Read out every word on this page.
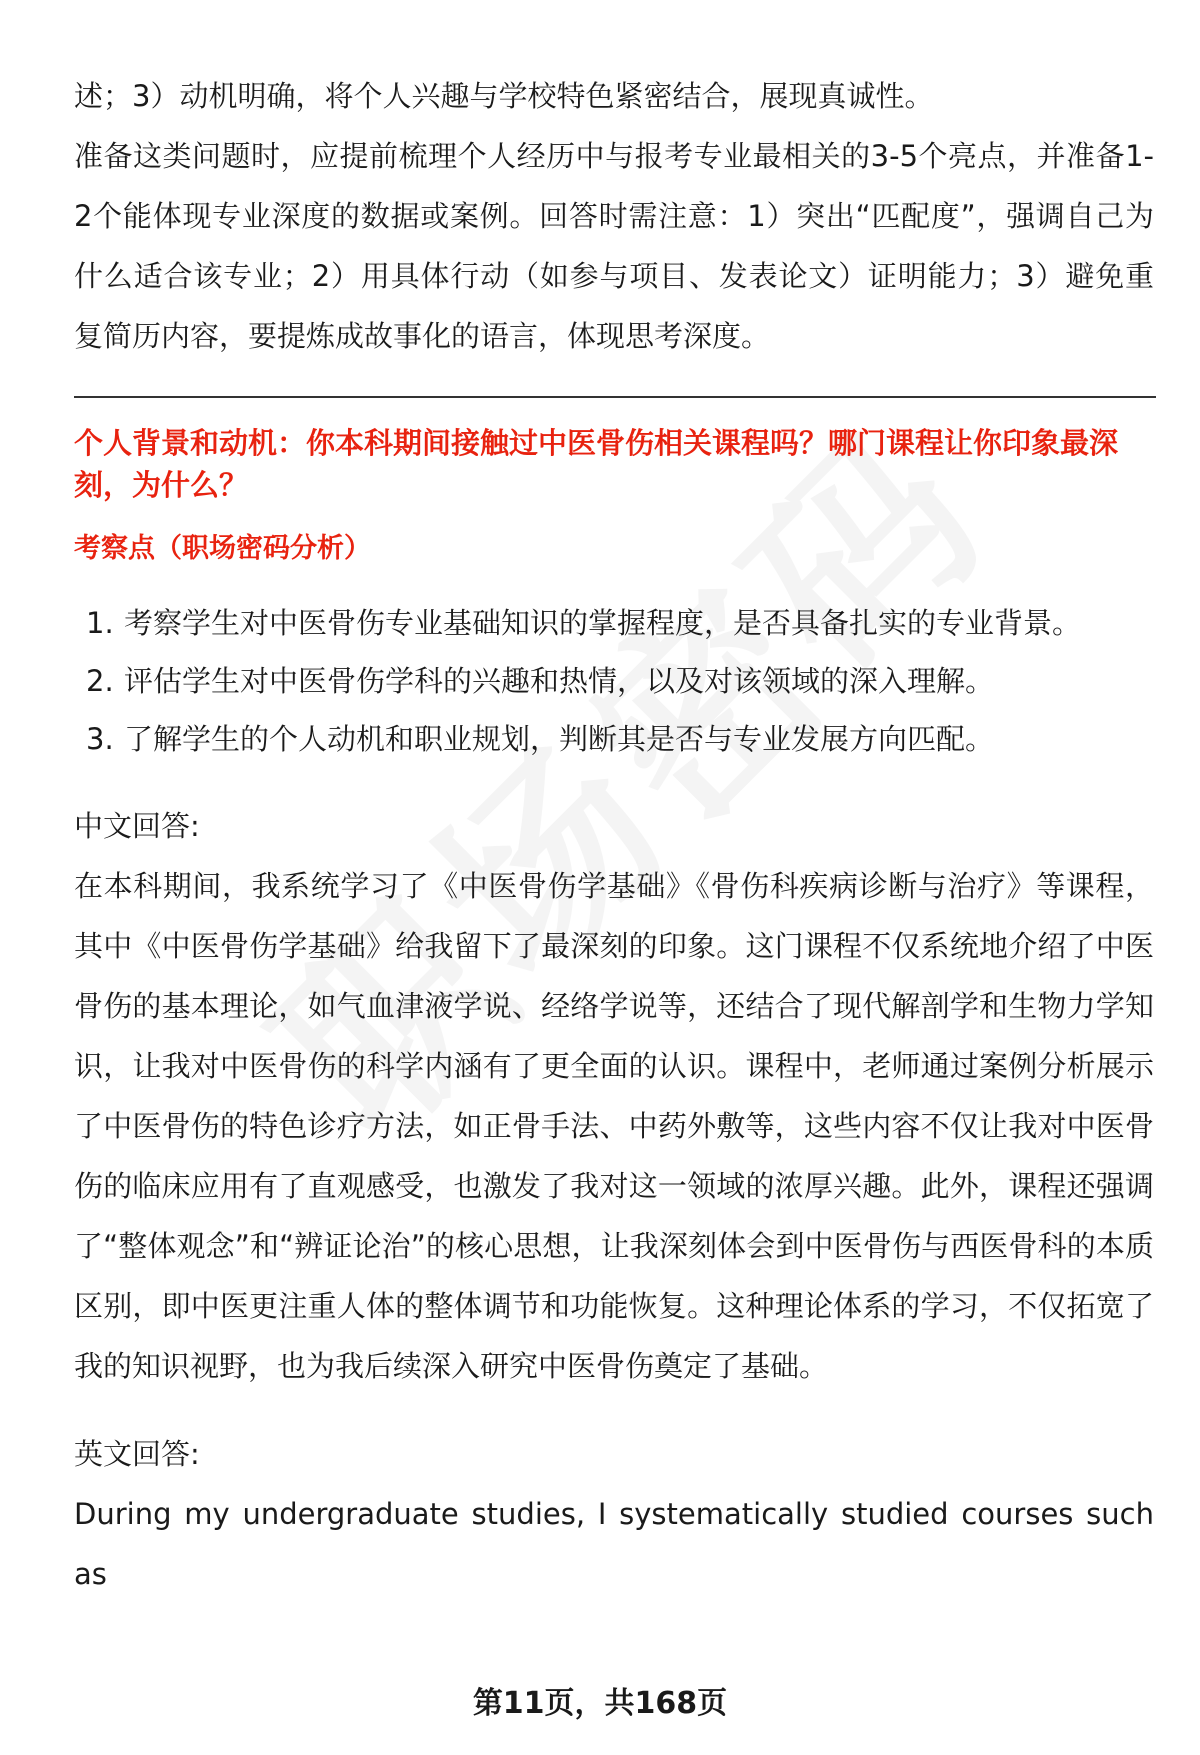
述；3）动机明确，将个人兴趣与学校特色紧密结合，展现真诚性。

准备这类问题时，应提前梳理个人经历中与报考专业最相关的3-5个亮点，并准备1-2个能体现专业深度的数据或案例。回答时需注意：1）突出“匹配度”，强调自己为什么适合该专业；2）用具体行动（如参与项目、发表论文）证明能力；3）避免重复简历内容，要提炼成故事化的语言，体现思考深度。

个人背景和动机：你本科期间接触过中医骨伤相关课程吗？哪门课程让你印象最深刻，为什么？

考察点（职场密码分析）

1. 考察学生对中医骨伤专业基础知识的掌握程度，是否具备扎实的专业背景。
2. 评估学生对中医骨伤学科的兴趣和热情，以及对该领域的深入理解。
3. 了解学生的个人动机和职业规划，判断其是否与专业发展方向匹配。

中文回答:

在本科期间，我系统学习了《中医骨伤学基础》《骨伤科疾病诊断与治疗》等课程，其中《中医骨伤学基础》给我留下了最深刻的印象。这门课程不仅系统地介绍了中医骨伤的基本理论，如气血津液学说、经络学说等，还结合了现代解剖学和生物力学知识，让我对中医骨伤的科学内涵有了更全面的认识。课程中，老师通过案例分析展示了中医骨伤的特色诊疗方法，如正骨手法、中药外敷等，这些内容不仅让我对中医骨伤的临床应用有了直观感受，也激发了我对这一领域的浓厚兴趣。此外，课程还强调了“整体观念”和“辨证论治”的核心思想，让我深刻体会到中医骨伤与西医骨科的本质区别，即中医更注重人体的整体调节和功能恢复。这种理论体系的学习，不仅拓宽了我的知识视野，也为我后续深入研究中医骨伤奠定了基础。

英文回答:

During my undergraduate studies, I systematically studied courses such as

第11页，共168页
